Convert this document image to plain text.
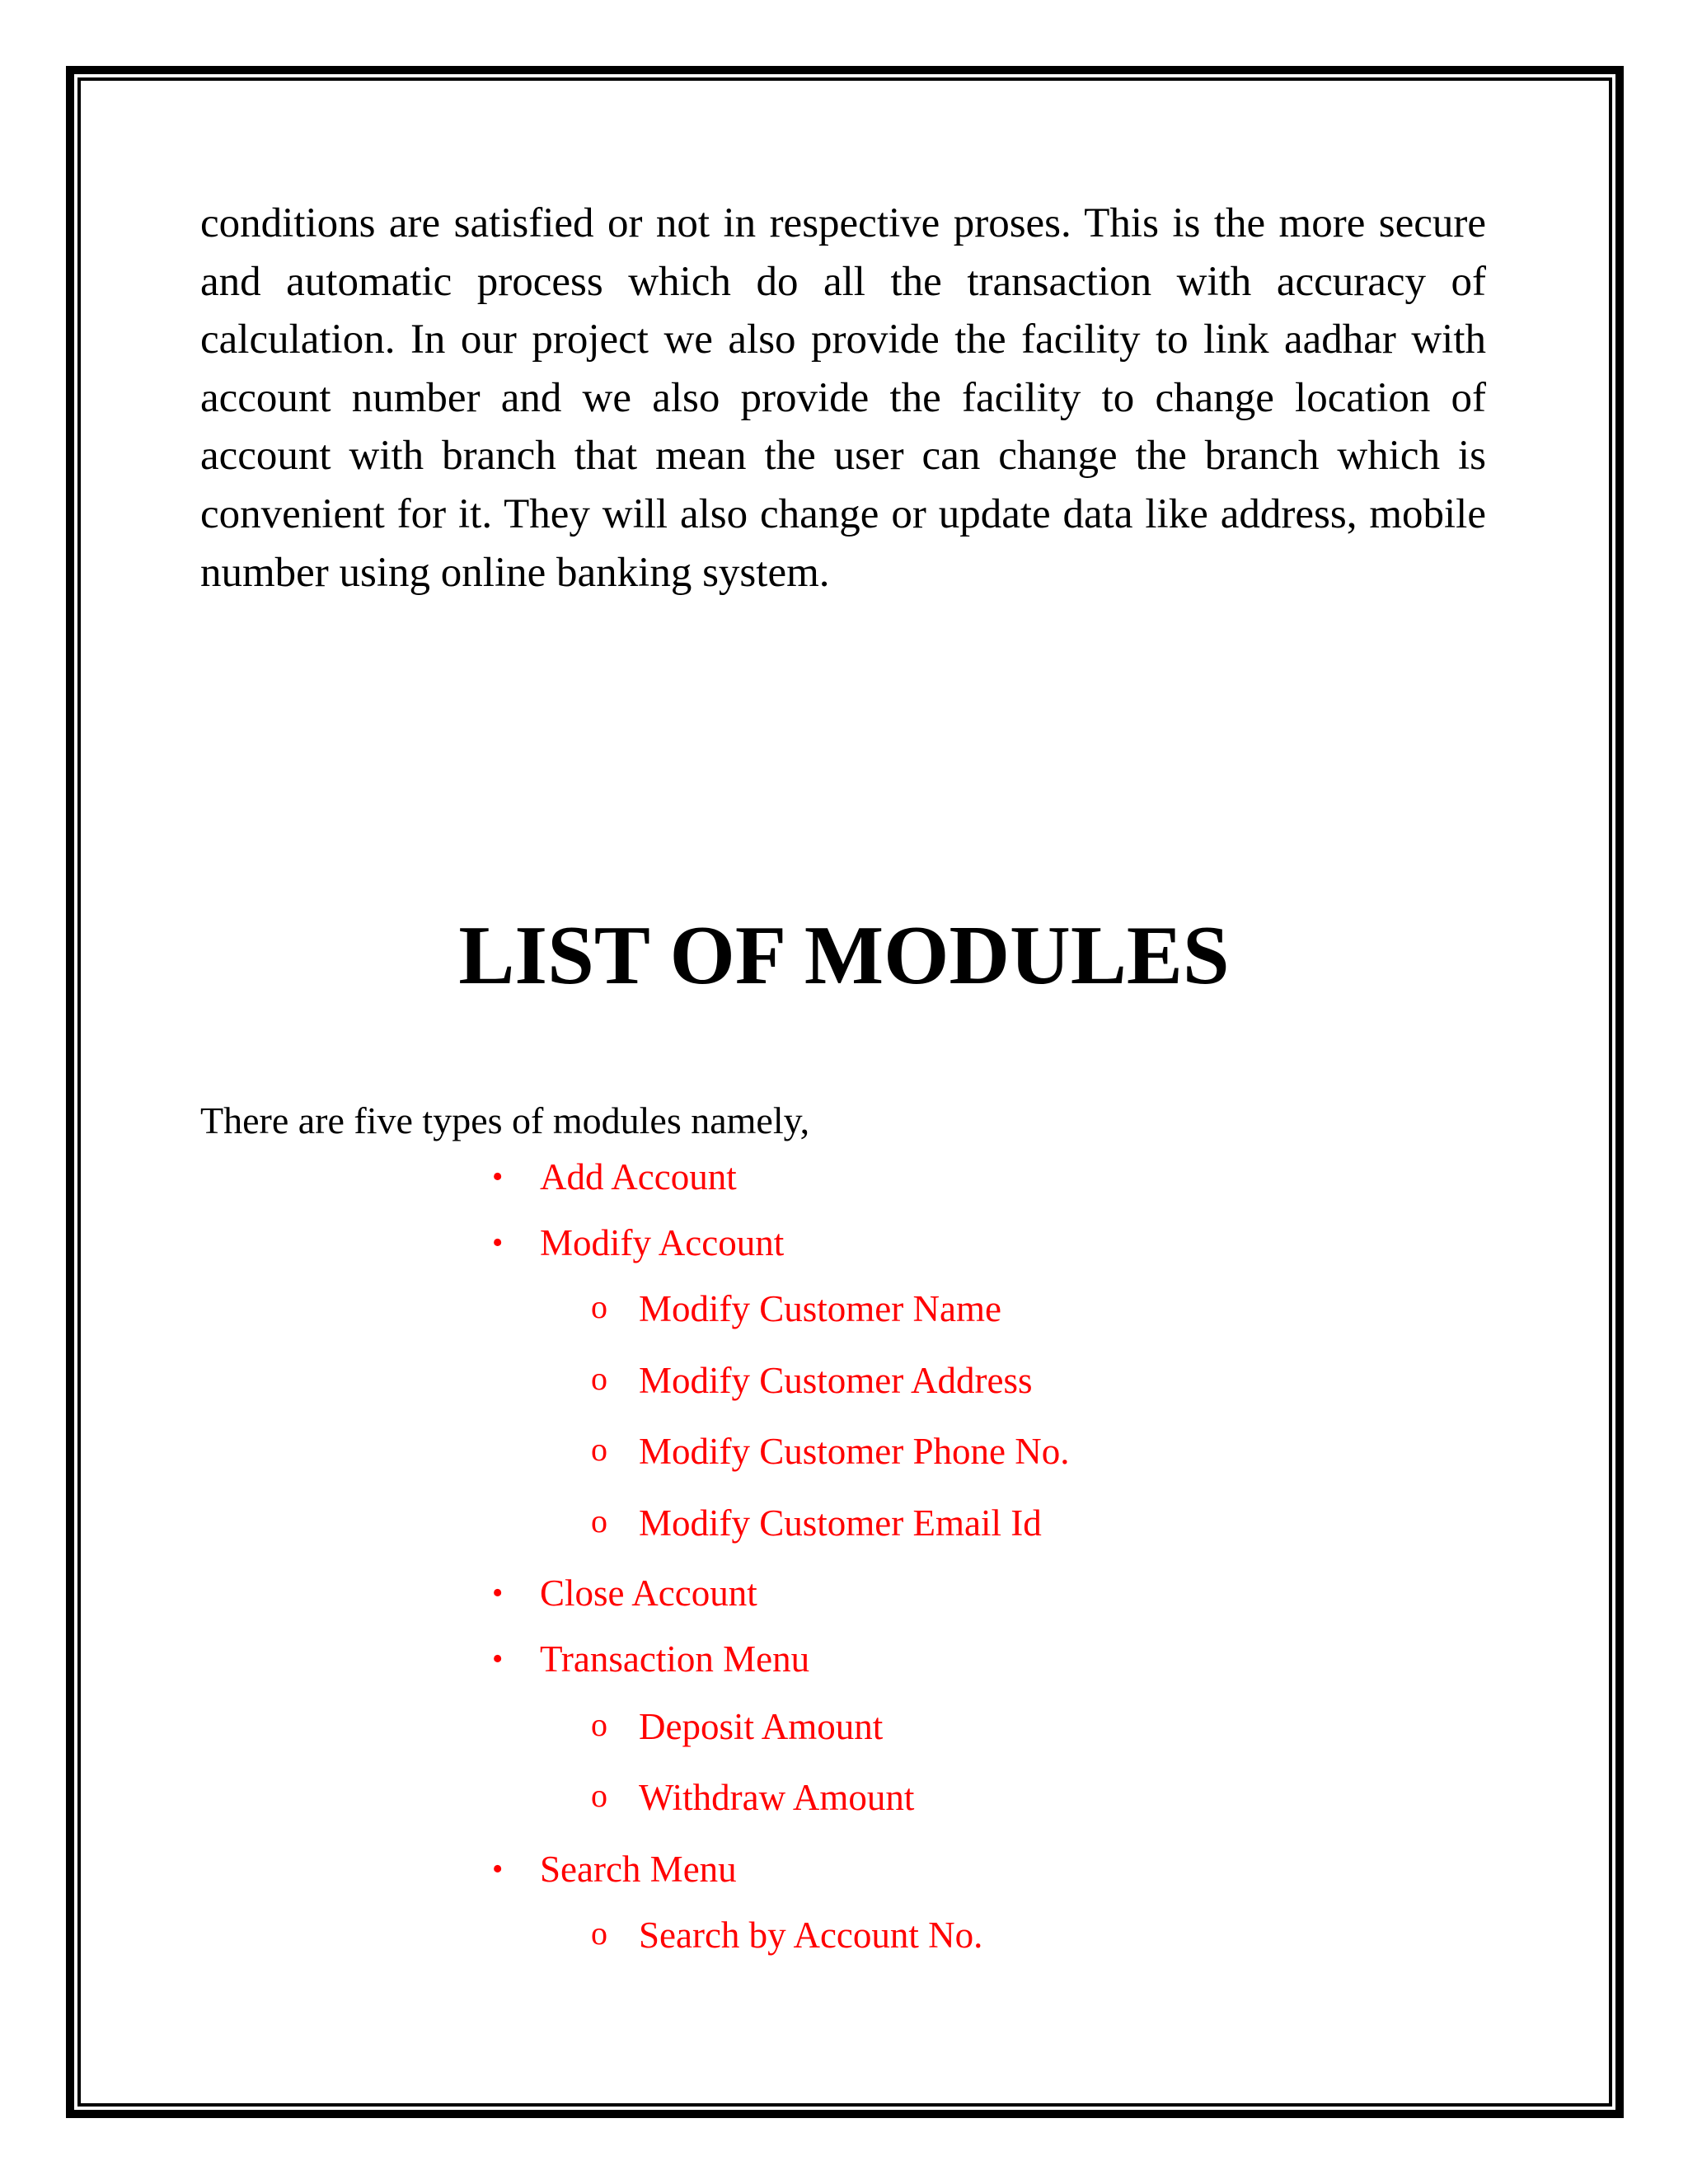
conditions are satisfied or not in respective proses. This is the more secure and automatic process which do all the transaction with accuracy of calculation. In our project we also provide the facility to link aadhar with account number and we also provide the facility to change location of account with branch that mean the user can change the branch which is convenient for it. They will also change or update data like address, mobile number using online banking system.

LIST OF MODULES

There are five types of modules namely,

• Add Account
• Modify Account
o Modify Customer Name
o Modify Customer Address
o Modify Customer Phone No.
o Modify Customer Email Id
• Close Account
• Transaction Menu
o Deposit Amount
o Withdraw Amount
• Search Menu
o Search by Account No.
